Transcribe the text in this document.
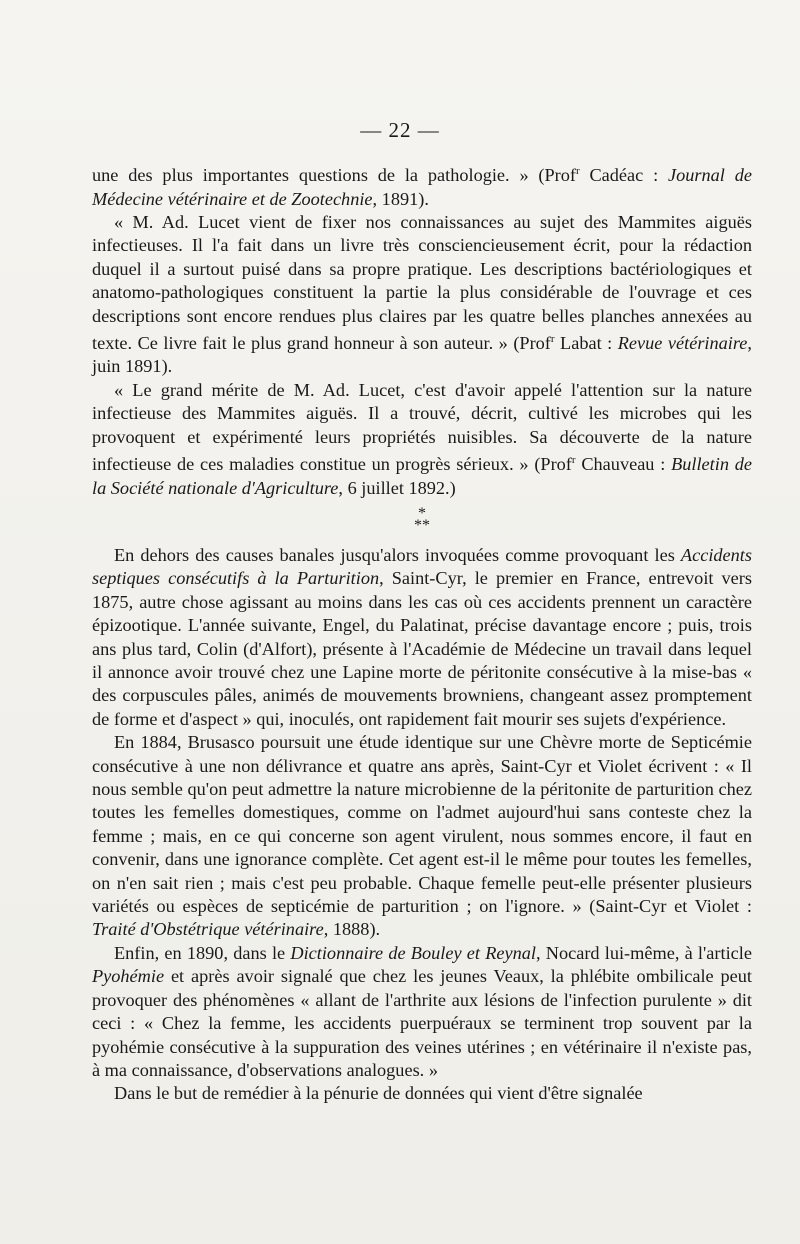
— 22 —

une des plus importantes questions de la pathologie. » (Prof$^r$ Cadéac : Journal de Médecine vétérinaire et de Zootechnie, 1891).

« M. Ad. Lucet vient de fixer nos connaissances au sujet des Mammites aiguës infectieuses. Il l'a fait dans un livre très consciencieusement écrit, pour la rédaction duquel il a surtout puisé dans sa propre pratique. Les descriptions bactériologiques et anatomo-pathologiques constituent la partie la plus considérable de l'ouvrage et ces descriptions sont encore rendues plus claires par les quatre belles planches annexées au texte. Ce livre fait le plus grand honneur à son auteur. » (Prof$^r$ Labat : Revue vétérinaire, juin 1891).

« Le grand mérite de M. Ad. Lucet, c'est d'avoir appelé l'attention sur la nature infectieuse des Mammites aiguës. Il a trouvé, décrit, cultivé les microbes qui les provoquent et expérimenté leurs propriétés nuisibles. Sa découverte de la nature infectieuse de ces maladies constitue un progrès sérieux. » (Prof$^r$ Chauveau : Bulletin de la Société nationale d'Agriculture, 6 juillet 1892.)

*
**

En dehors des causes banales jusqu'alors invoquées comme provoquant les Accidents septiques consécutifs à la Parturition, Saint-Cyr, le premier en France, entrevoit vers 1875, autre chose agissant au moins dans les cas où ces accidents prennent un caractère épizootique. L'année suivante, Engel, du Palatinat, précise davantage encore ; puis, trois ans plus tard, Colin (d'Alfort), présente à l'Académie de Médecine un travail dans lequel il annonce avoir trouvé chez une Lapine morte de péritonite consécutive à la mise-bas « des corpuscules pâles, animés de mouvements browniens, changeant assez promptement de forme et d'aspect » qui, inoculés, ont rapidement fait mourir ses sujets d'expérience.

En 1884, Brusasco poursuit une étude identique sur une Chèvre morte de Septicémie consécutive à une non délivrance et quatre ans après, Saint-Cyr et Violet écrivent : « Il nous semble qu'on peut admettre la nature microbienne de la péritonite de parturition chez toutes les femelles domestiques, comme on l'admet aujourd'hui sans conteste chez la femme ; mais, en ce qui concerne son agent virulent, nous sommes encore, il faut en convenir, dans une ignorance complète. Cet agent est-il le même pour toutes les femelles, on n'en sait rien ; mais c'est peu probable. Chaque femelle peut-elle présenter plusieurs variétés ou espèces de septicémie de parturition ; on l'ignore. » (Saint-Cyr et Violet : Traité d'Obstétrique vétérinaire, 1888).

Enfin, en 1890, dans le Dictionnaire de Bouley et Reynal, Nocard lui-même, à l'article Pyohémie et après avoir signalé que chez les jeunes Veaux, la phlébite ombilicale peut provoquer des phénomènes « allant de l'arthrite aux lésions de l'infection purulente » dit ceci : « Chez la femme, les accidents puerpuéraux se terminent trop souvent par la pyohémie consécutive à la suppuration des veines utérines ; en vétérinaire il n'existe pas, à ma connaissance, d'observations analogues. »

Dans le but de remédier à la pénurie de données qui vient d'être signalée
